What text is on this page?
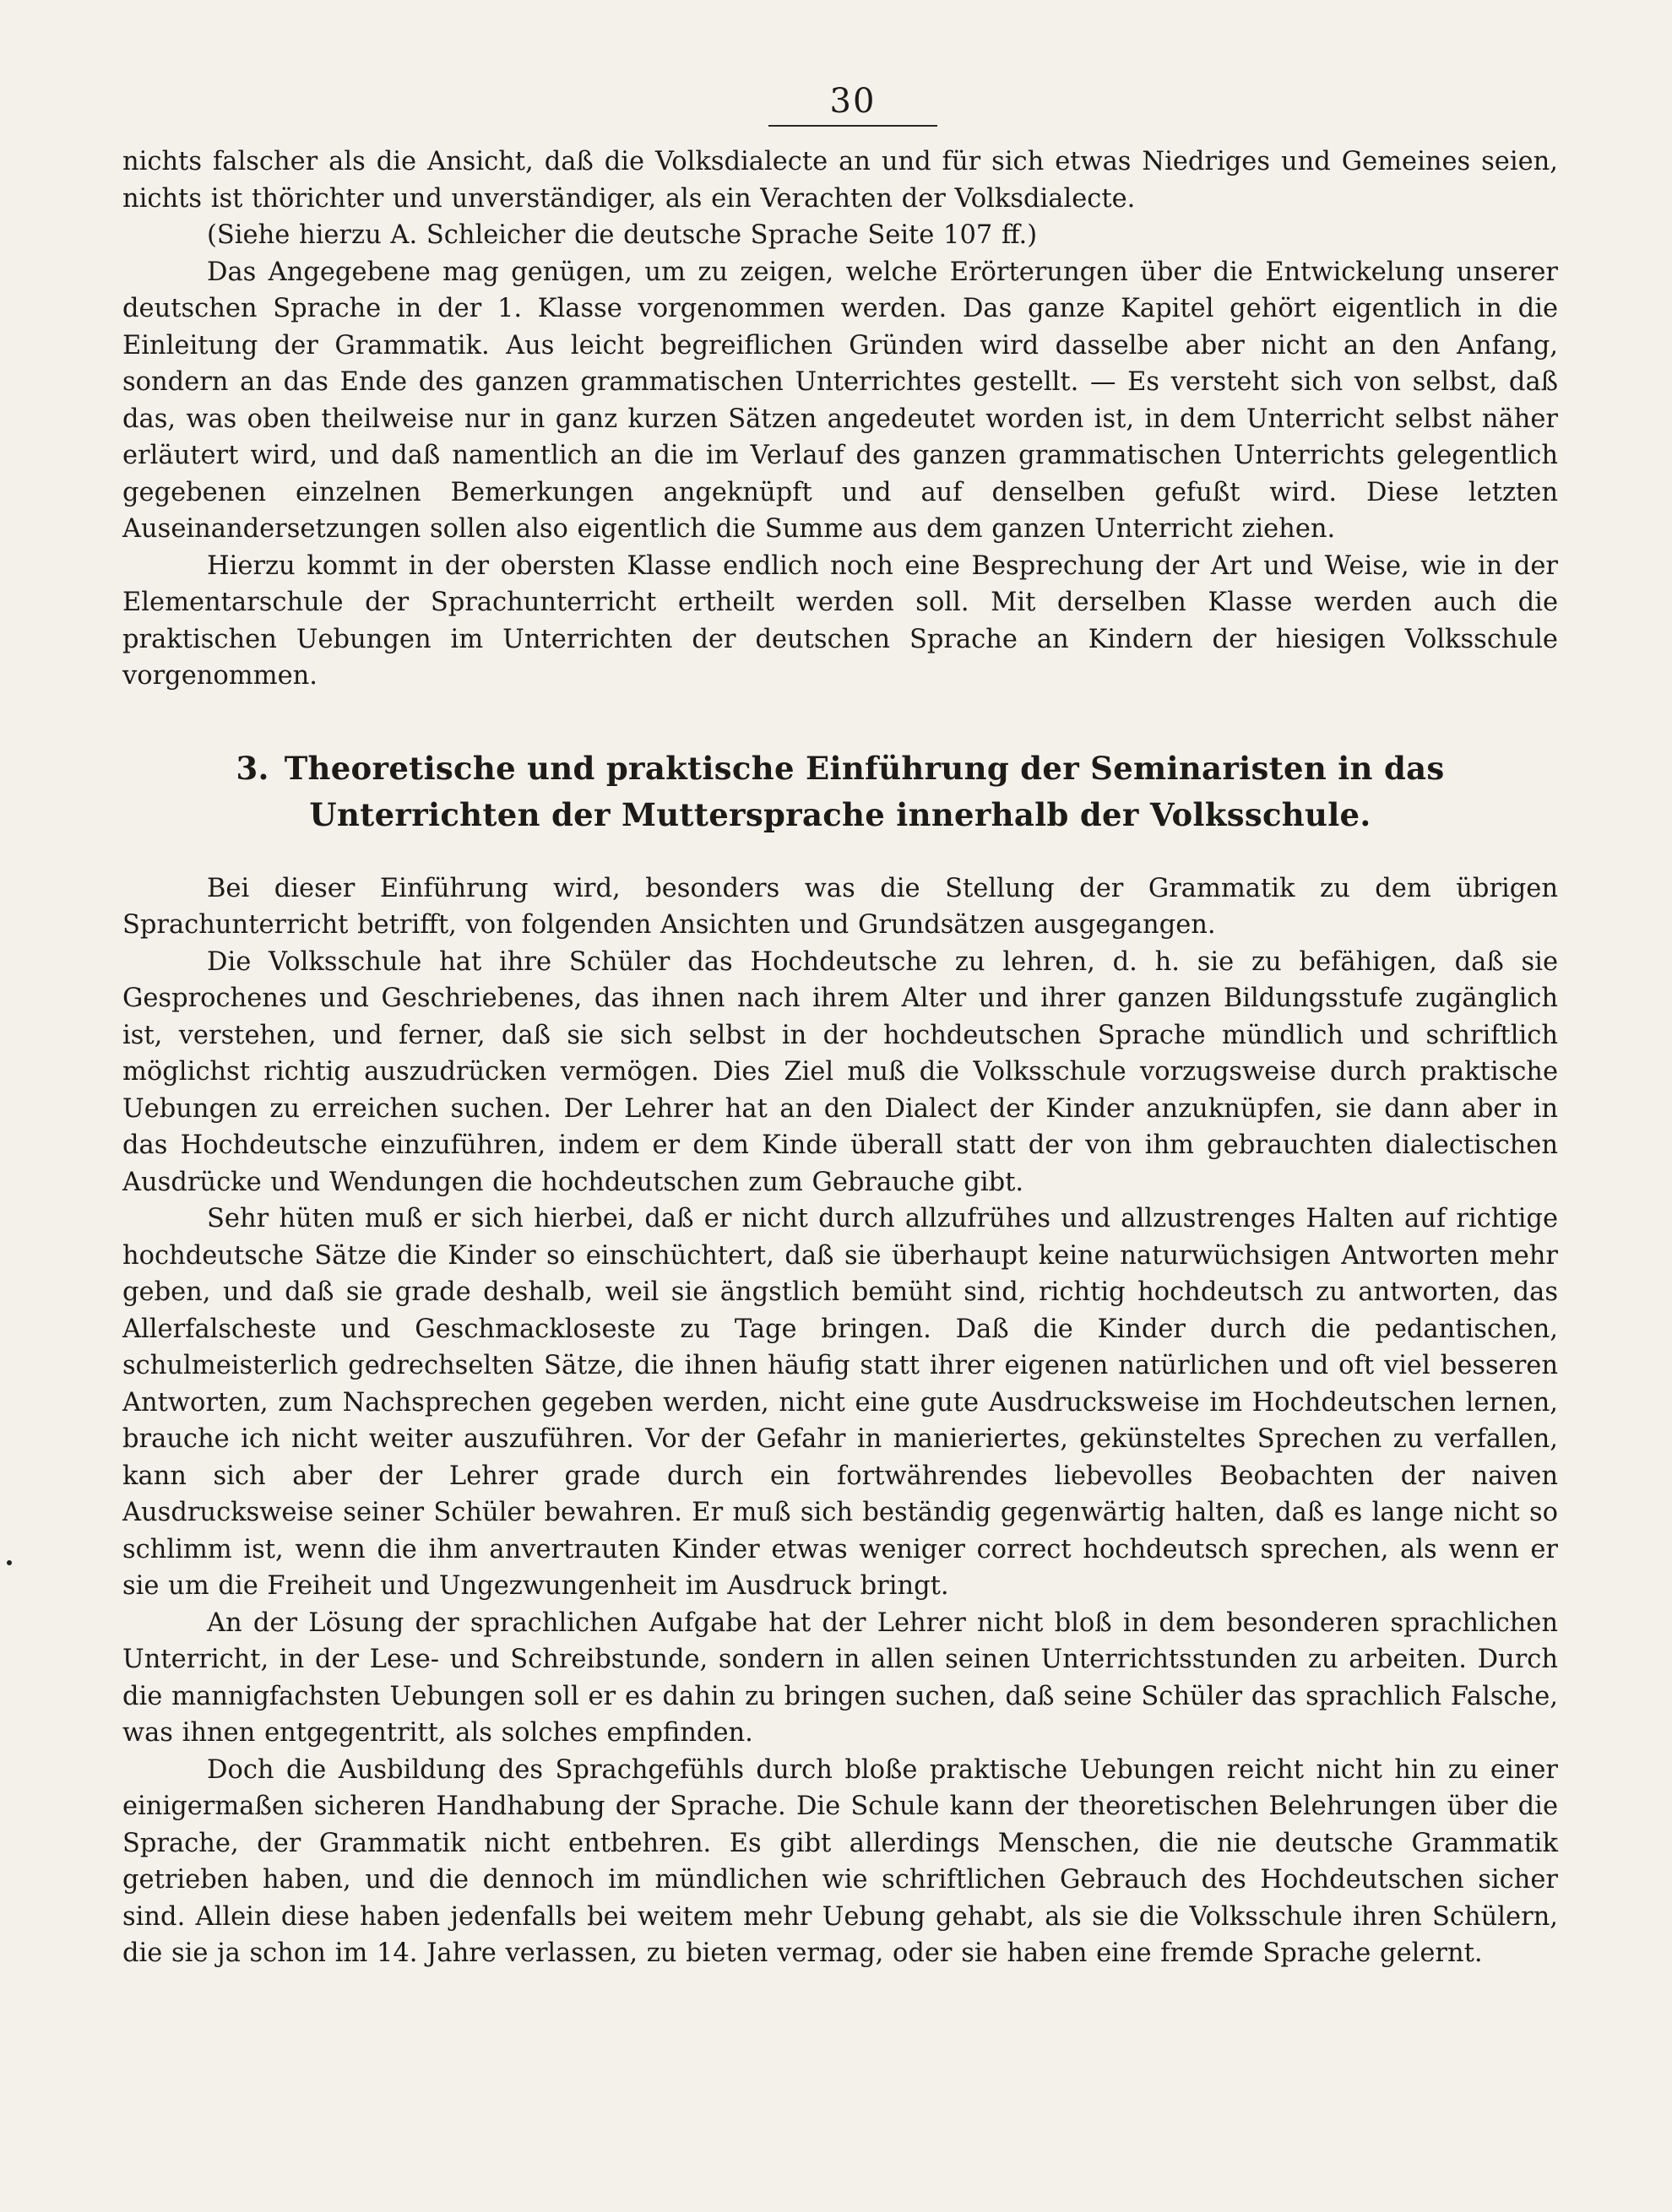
30

nichts falscher als die Ansicht, daß die Volksdialecte an und für sich etwas Niedriges und Gemeines seien, nichts ist thörichter und unverständiger, als ein Verachten der Volksdialecte.

(Siehe hierzu A. Schleicher die deutsche Sprache Seite 107 ff.)

Das Angegebene mag genügen, um zu zeigen, welche Erörterungen über die Entwickelung unserer deutschen Sprache in der 1. Klasse vorgenommen werden. Das ganze Kapitel gehört eigentlich in die Einleitung der Grammatik. Aus leicht begreiflichen Gründen wird dasselbe aber nicht an den Anfang, sondern an das Ende des ganzen grammatischen Unterrichtes gestellt. — Es versteht sich von selbst, daß das, was oben theilweise nur in ganz kurzen Sätzen angedeutet worden ist, in dem Unterricht selbst näher erläutert wird, und daß namentlich an die im Verlauf des ganzen grammatischen Unterrichts gelegentlich gegebenen einzelnen Bemerkungen angeknüpft und auf denselben gefußt wird. Diese letzten Auseinandersetzungen sollen also eigentlich die Summe aus dem ganzen Unterricht ziehen.

Hierzu kommt in der obersten Klasse endlich noch eine Besprechung der Art und Weise, wie in der Elementarschule der Sprachunterricht ertheilt werden soll. Mit derselben Klasse werden auch die praktischen Uebungen im Unterrichten der deutschen Sprache an Kindern der hiesigen Volksschule vorgenommen.

3. Theoretische und praktische Einführung der Seminaristen in das Unterrichten der Muttersprache innerhalb der Volksschule.

Bei dieser Einführung wird, besonders was die Stellung der Grammatik zu dem übrigen Sprachunterricht betrifft, von folgenden Ansichten und Grundsätzen ausgegangen.

Die Volksschule hat ihre Schüler das Hochdeutsche zu lehren, d. h. sie zu befähigen, daß sie Gesprochenes und Geschriebenes, das ihnen nach ihrem Alter und ihrer ganzen Bildungsstufe zugänglich ist, verstehen, und ferner, daß sie sich selbst in der hochdeutschen Sprache mündlich und schriftlich möglichst richtig auszudrücken vermögen. Dies Ziel muß die Volksschule vorzugsweise durch praktische Uebungen zu erreichen suchen. Der Lehrer hat an den Dialect der Kinder anzuknüpfen, sie dann aber in das Hochdeutsche einzuführen, indem er dem Kinde überall statt der von ihm gebrauchten dialectischen Ausdrücke und Wendungen die hochdeutschen zum Gebrauche gibt.

Sehr hüten muß er sich hierbei, daß er nicht durch allzufrühes und allzustrenges Halten auf richtige hochdeutsche Sätze die Kinder so einschüchtert, daß sie überhaupt keine naturwüchsigen Antworten mehr geben, und daß sie grade deshalb, weil sie ängstlich bemüht sind, richtig hochdeutsch zu antworten, das Allerfalscheste und Geschmackloseste zu Tage bringen. Daß die Kinder durch die pedantischen, schulmeisterlich gedrechselten Sätze, die ihnen häufig statt ihrer eigenen natürlichen und oft viel besseren Antworten, zum Nachsprechen gegeben werden, nicht eine gute Ausdrucksweise im Hochdeutschen lernen, brauche ich nicht weiter auszuführen. Vor der Gefahr in manieriertes, gekünsteltes Sprechen zu verfallen, kann sich aber der Lehrer grade durch ein fortwährendes liebevolles Beobachten der naiven Ausdrucksweise seiner Schüler bewahren. Er muß sich beständig gegenwärtig halten, daß es lange nicht so schlimm ist, wenn die ihm anvertrauten Kinder etwas weniger correct hochdeutsch sprechen, als wenn er sie um die Freiheit und Ungezwungenheit im Ausdruck bringt.

An der Lösung der sprachlichen Aufgabe hat der Lehrer nicht bloß in dem besonderen sprachlichen Unterricht, in der Lese- und Schreibstunde, sondern in allen seinen Unterrichtsstunden zu arbeiten. Durch die mannigfachsten Uebungen soll er es dahin zu bringen suchen, daß seine Schüler das sprachlich Falsche, was ihnen entgegentritt, als solches empfinden.

Doch die Ausbildung des Sprachgefühls durch bloße praktische Uebungen reicht nicht hin zu einer einigermaßen sicheren Handhabung der Sprache. Die Schule kann der theoretischen Belehrungen über die Sprache, der Grammatik nicht entbehren. Es gibt allerdings Menschen, die nie deutsche Grammatik getrieben haben, und die dennoch im mündlichen wie schriftlichen Gebrauch des Hochdeutschen sicher sind. Allein diese haben jedenfalls bei weitem mehr Uebung gehabt, als sie die Volksschule ihren Schülern, die sie ja schon im 14. Jahre verlassen, zu bieten vermag, oder sie haben eine fremde Sprache gelernt.
